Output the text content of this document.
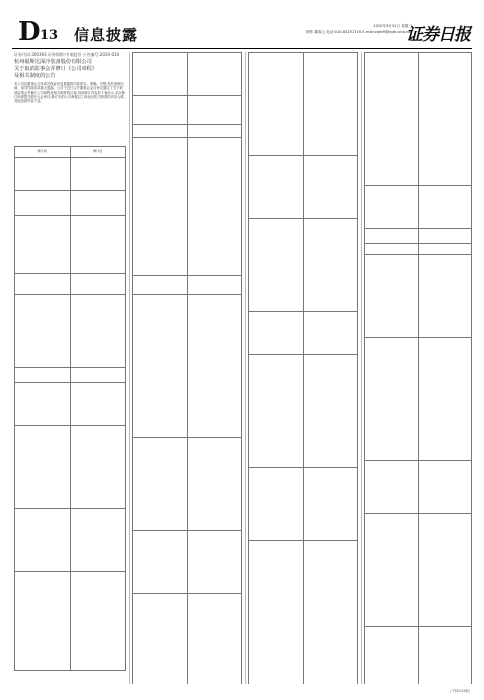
D 13 信息披露	2020年3月31日 星期三
制作:董春云 电话:010-83251716 E-mail:zqrb9@zqrb.sina.net
证券日报
证券代码:300393 证券简称:中来股份 公告编号:2020-034
杭州福斯达深冷装备股份有限公司
关于取消监事会并修订《公司章程》
及相关制度的公告
本公司及董事会全体成员保证信息披露的内容真实、准确、完整,没有虚假记载、误导性陈述或重大遗漏。公司于近日召开董事会会议审议通过了关于取消监事会并修订公司章程及相关制度的议案,具体修订内容如下表所示,本次修订尚需提交股东大会审议,修订后的公司章程以工商登记机关核准的内容为准,其他条款内容不变。
修订前	修订后

(下转D14版)
